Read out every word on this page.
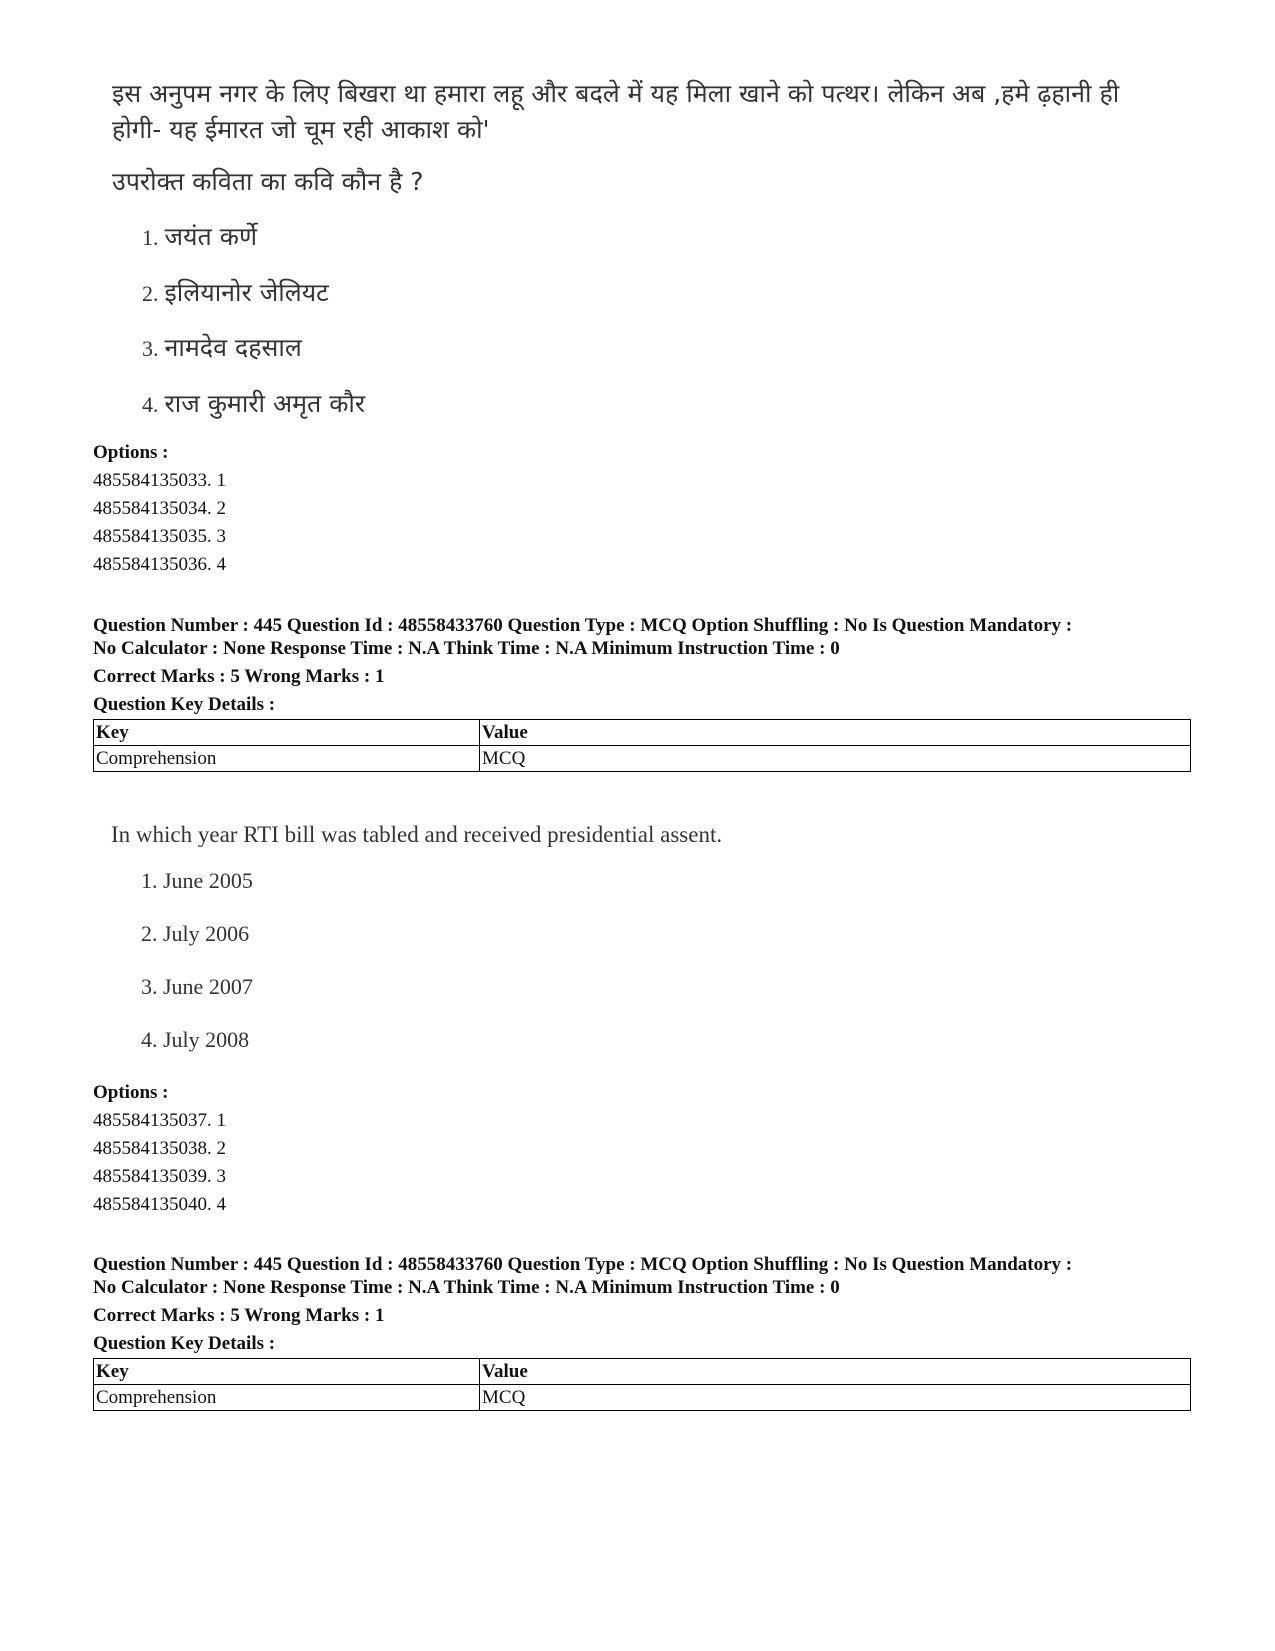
इस अनुपम नगर के लिए बिखरा था हमारा लहू और बदले में यह मिला खाने को पत्थर। लेकिन अब ,हमे ढ़हानी ही होगी- यह ईमारत जो चूम रही आकाश को'
उपरोक्त कविता का कवि कौन है ?
1. जयंत कर्णे
2. इलियानोर जेलियट
3. नामदेव दहसाल
4. राज कुमारी अमृत कौर
Options :
485584135033. 1
485584135034. 2
485584135035. 3
485584135036. 4
Question Number : 445 Question Id : 48558433760 Question Type : MCQ Option Shuffling : No Is Question Mandatory :
No Calculator : None Response Time : N.A Think Time : N.A Minimum Instruction Time : 0
Correct Marks : 5 Wrong Marks : 1
Question Key Details :
Key	Value
Comprehension	MCQ
In which year RTI bill was tabled and received presidential assent.
1. June 2005
2. July 2006
3. June 2007
4. July 2008
Options :
485584135037. 1
485584135038. 2
485584135039. 3
485584135040. 4
Question Number : 445 Question Id : 48558433760 Question Type : MCQ Option Shuffling : No Is Question Mandatory :
No Calculator : None Response Time : N.A Think Time : N.A Minimum Instruction Time : 0
Correct Marks : 5 Wrong Marks : 1
Question Key Details :
Key	Value
Comprehension	MCQ
